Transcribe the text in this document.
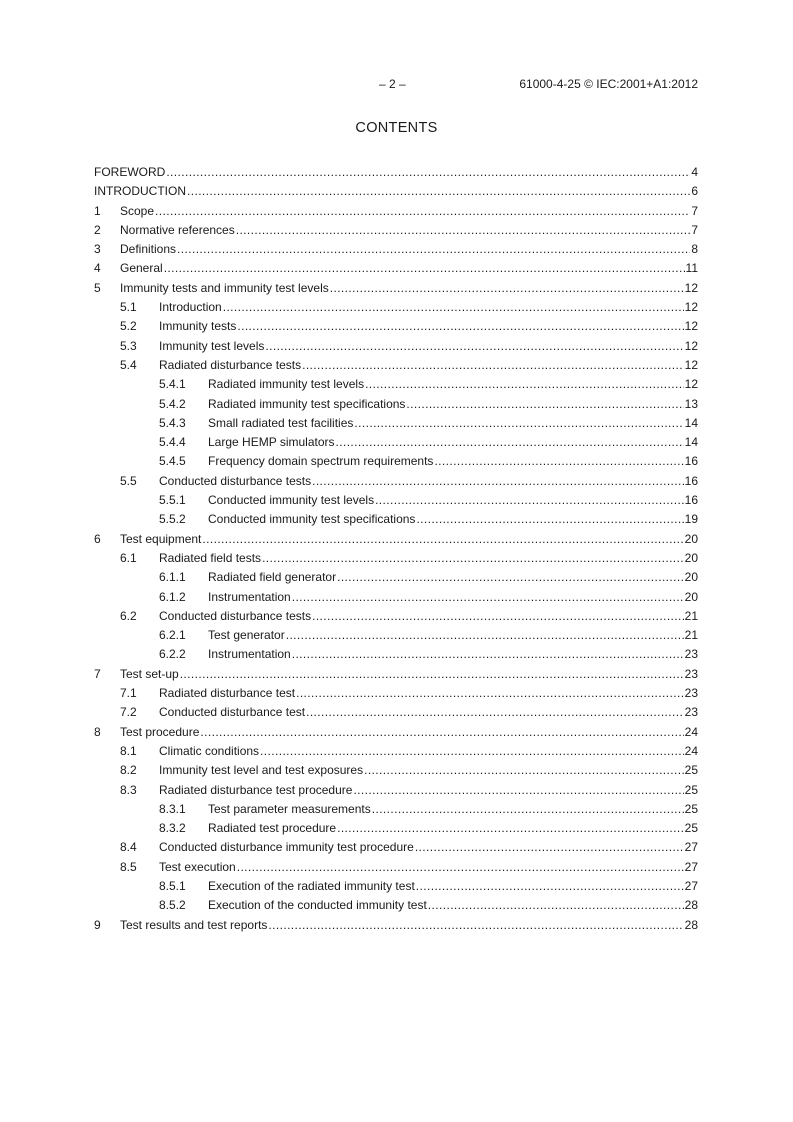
– 2 –	61000-4-25 © IEC:2001+A1:2012
CONTENTS
FOREWORD .....	4
INTRODUCTION .....	6
1	Scope .....	7
2	Normative references .....	7
3	Definitions .....	8
4	General .....	11
5	Immunity tests and immunity test levels .....	12
5.1	Introduction .....	12
5.2	Immunity tests .....	12
5.3	Immunity test levels .....	12
5.4	Radiated disturbance tests .....	12
5.4.1	Radiated immunity test levels .....	12
5.4.2	Radiated immunity test specifications .....	13
5.4.3	Small radiated test facilities .....	14
5.4.4	Large HEMP simulators .....	14
5.4.5	Frequency domain spectrum requirements .....	16
5.5	Conducted disturbance tests .....	16
5.5.1	Conducted immunity test levels .....	16
5.5.2	Conducted immunity test specifications .....	19
6	Test equipment .....	20
6.1	Radiated field tests .....	20
6.1.1	Radiated field generator .....	20
6.1.2	Instrumentation .....	20
6.2	Conducted disturbance tests .....	21
6.2.1	Test generator .....	21
6.2.2	Instrumentation .....	23
7	Test set-up .....	23
7.1	Radiated disturbance test .....	23
7.2	Conducted disturbance test .....	23
8	Test procedure .....	24
8.1	Climatic conditions .....	24
8.2	Immunity test level and test exposures .....	25
8.3	Radiated disturbance test procedure .....	25
8.3.1	Test parameter measurements .....	25
8.3.2	Radiated test procedure .....	25
8.4	Conducted disturbance immunity test procedure .....	27
8.5	Test execution .....	27
8.5.1	Execution of the radiated immunity test .....	27
8.5.2	Execution of the conducted immunity test .....	28
9	Test results and test reports .....	28
